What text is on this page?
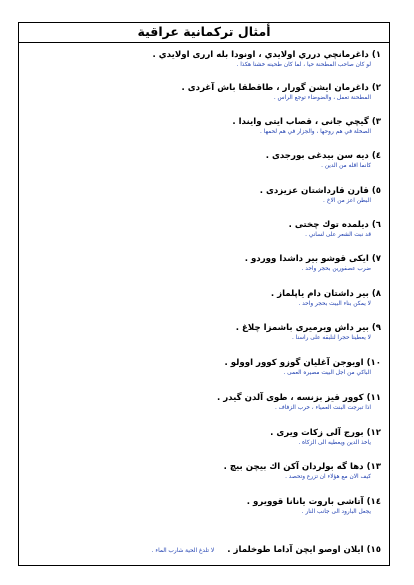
أمثال تركمانية عراقية
١) داغرمانچي درري اولايدي ، اونودا بله اررى اولايدي .
لو كان صاحب المطحنة حيا ، لما كان طحينه خشنا هكذا .
٢) داغرمان ايشن گورار ، طاقطقا باش آغردى .
المطحنة تعمل ، والضوضاء توجع الراس .
٣) گيچي جانى ، قصاب ايتى وايندا .
الصخلة في هم روحها ، والجزار في هم لحمها .
٤) ديه سن بيدغى بورجدى .
كانما اقله من الدين .
٥) قارن قارداشتان عزيزدى .
البطن اعز من الاخ .
٦) ديلمده توك چختى .
قد نبت الشعر على لساني .
٧) ايكى قوشو بير داشدا ووردو .
ضرب عصفورين بحجر واحد .
٨) بير داشتان دام ياپلماز .
لا يمكن بناء البيت بحجر واحد .
٩) بير داش ويرميرى باشمزا چلاغ .
لا يعطينا حجرا لنلبقه على راسنا .
١٠) اويوجن آغليان گوزو كوور اوولو .
الباكي من اجل البيت مصيره العمى .
١١) كوور قيز بزنسه ، طوى آلدن گيدر .
اذا تبرجت البنت العمياء ، خرب الزفاف .
١٢) بورج آلى زكات ويرى .
ياخذ الدين ويعطيه الى الزكاة .
١٣) دها گه بولردان آكن اك بيچن بيچ .
كيف الان مع هؤلاء ان تزرع وتحصد .
١٤) آتاشى باروت يانانا قوويرو .
يجعل البارود الى جانب النار .
١٥) ايلان اوصو ايچن آداما طوخلماز . لا تلدغ الحية شارب الماء .
